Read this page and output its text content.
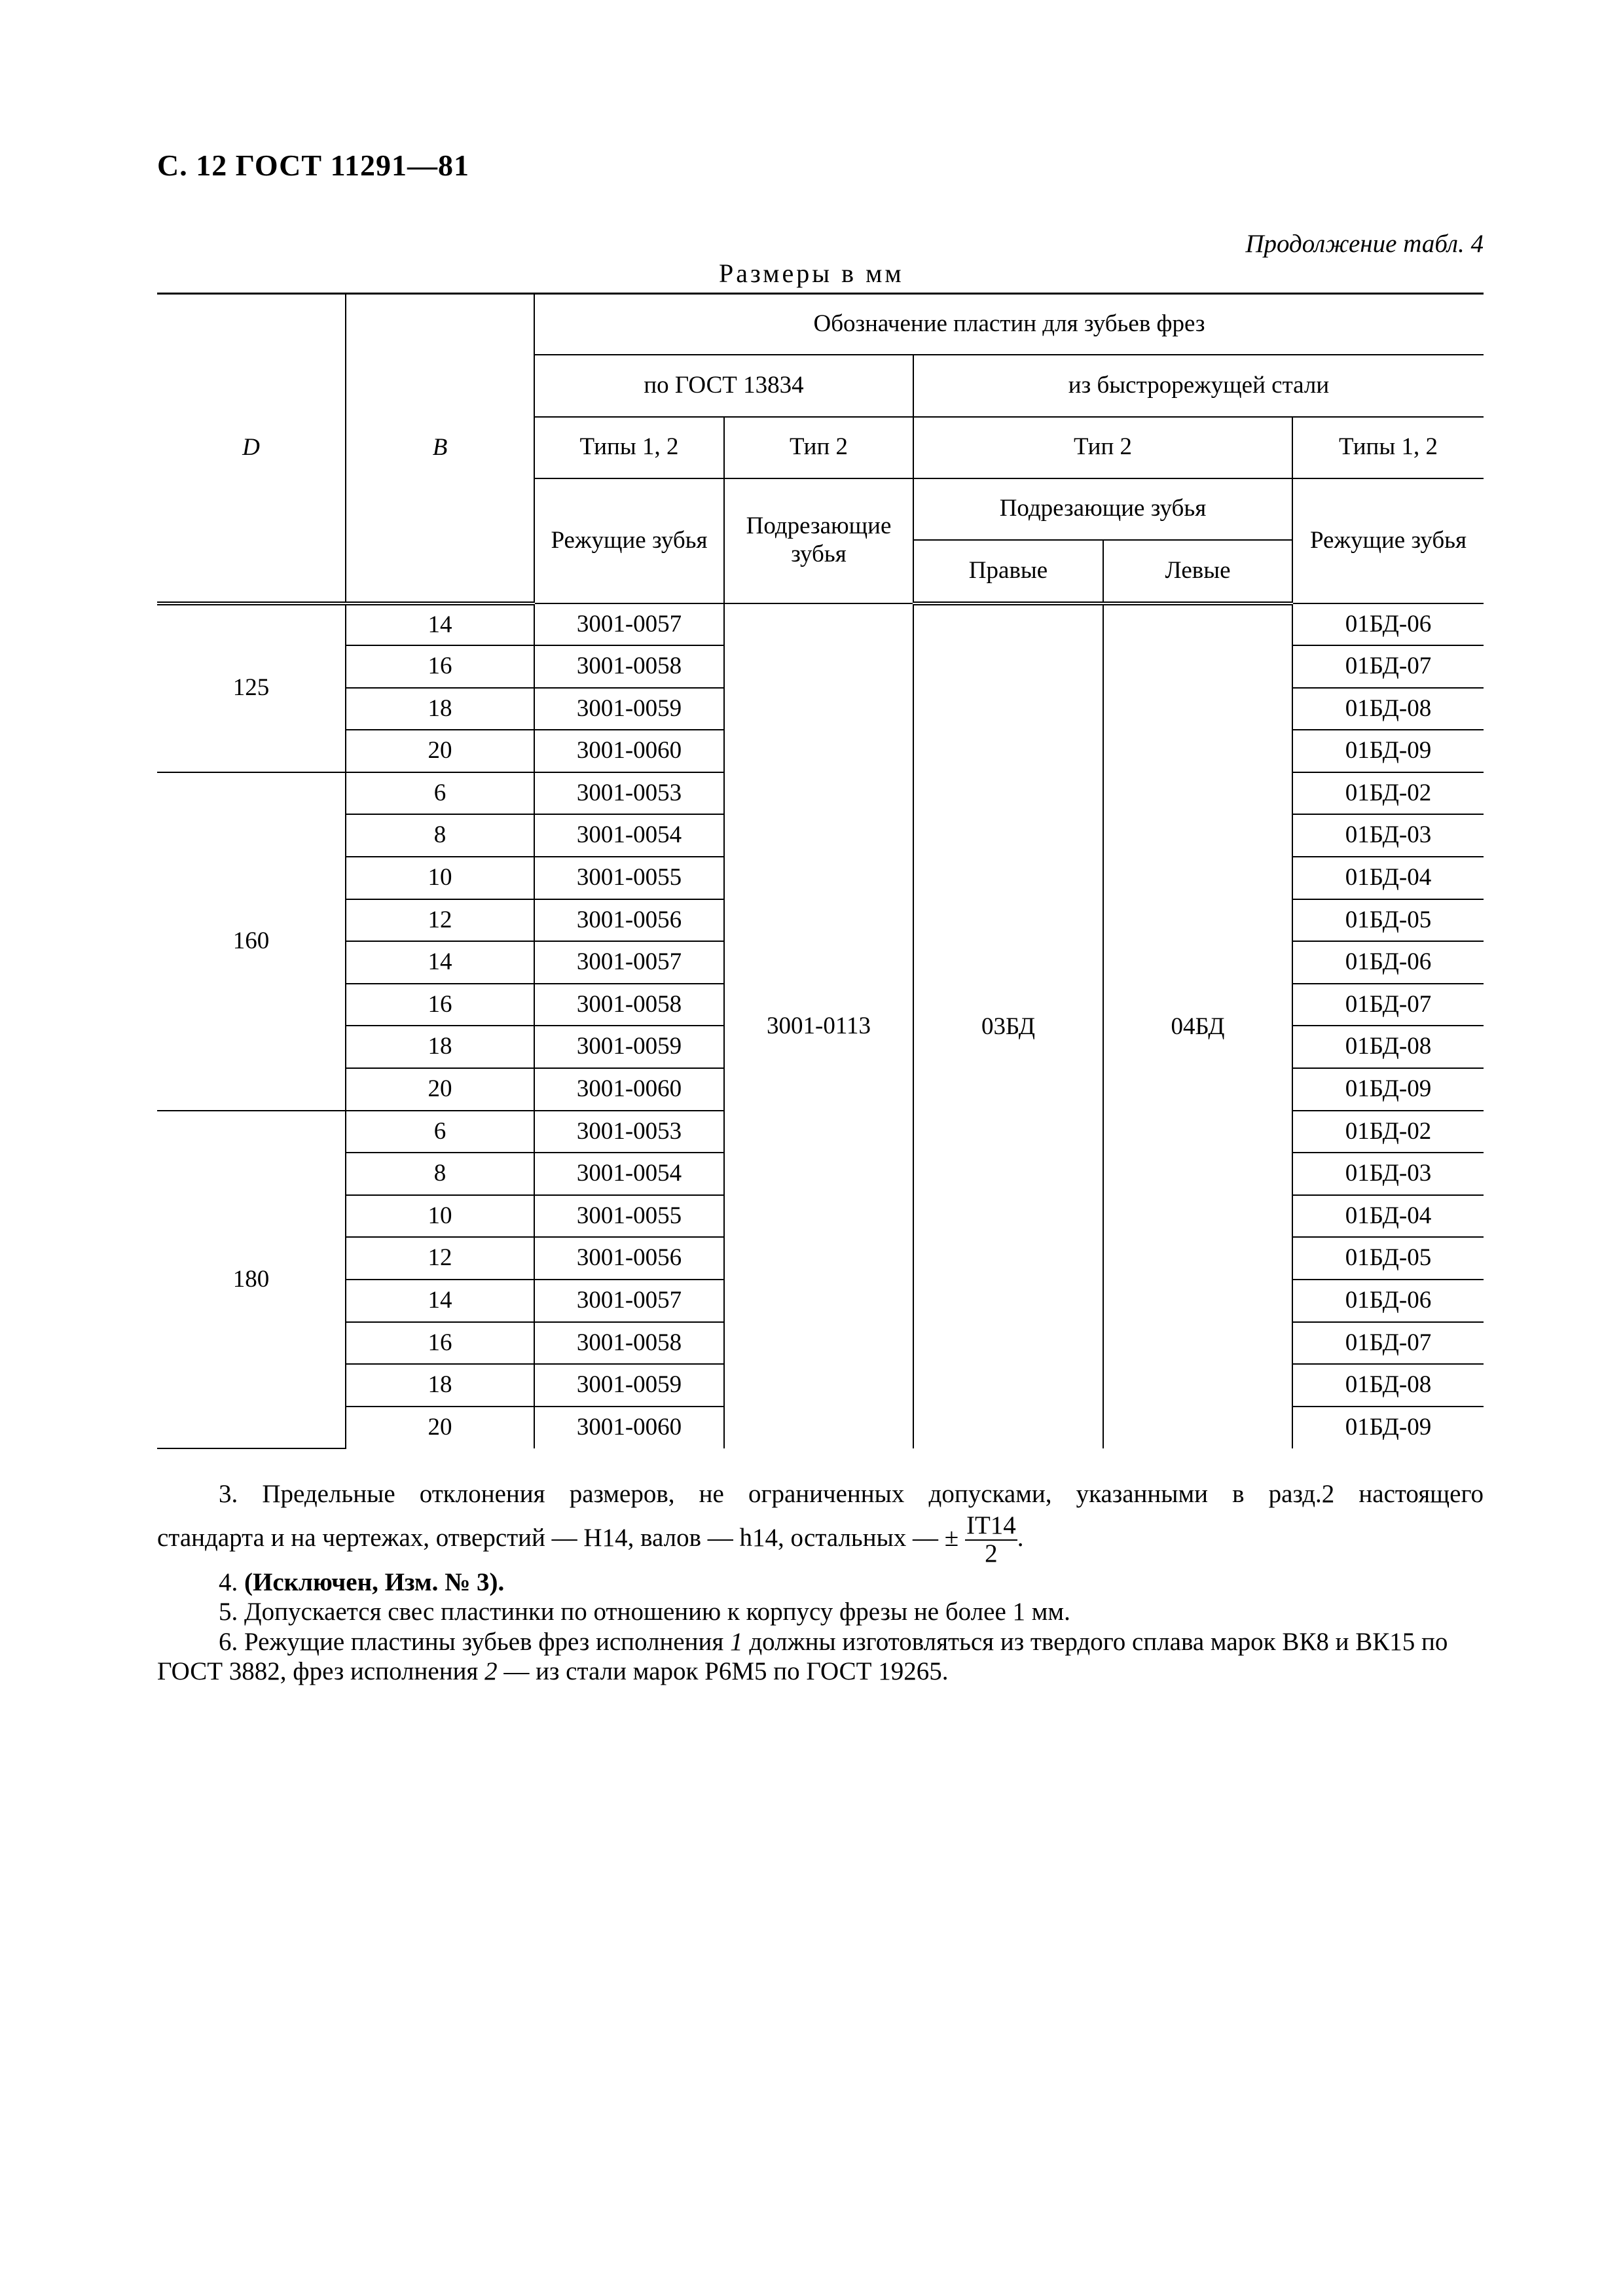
С. 12 ГОСТ 11291—81
Продолжение табл. 4
Размеры в мм
D	B	Обозначение пластин для зубьев фрез				
		по ГОСТ 13834		из быстрорежущей стали		
		Типы 1, 2	Тип 2	Тип 2		Типы 1, 2
		Режущие зубья	Подрезающие зубья	Подрезающие зубья		Режущие зубья
				Правые	Левые	
125	14	3001-0057	3001-0113	03БД	04БД	01БД-06
	16	3001-0058				01БД-07
	18	3001-0059				01БД-08
	20	3001-0060				01БД-09
160	6	3001-0053				01БД-02
	8	3001-0054				01БД-03
	10	3001-0055				01БД-04
	12	3001-0056				01БД-05
	14	3001-0057				01БД-06
	16	3001-0058				01БД-07
	18	3001-0059				01БД-08
	20	3001-0060				01БД-09
180	6	3001-0053				01БД-02
	8	3001-0054				01БД-03
	10	3001-0055				01БД-04
	12	3001-0056				01БД-05
	14	3001-0057				01БД-06
	16	3001-0058				01БД-07
	18	3001-0059				01БД-08
	20	3001-0060				01БД-09

3. Предельные отклонения размеров, не ограниченных допусками, указанными в разд.2 настоящего

стандарта и на чертежах, отверстий — H14, валов — h14, остальных — ± $\frac{IT14}{2}$ .

4. (Исключен, Изм. № 3).

5. Допускается свес пластинки по отношению к корпусу фрезы не более 1 мм.

6. Режущие пластины зубьев фрез исполнения 1 должны изготовляться из твердого сплава марок ВК8 и ВК15 по ГОСТ 3882, фрез исполнения 2 — из стали марок Р6М5 по ГОСТ 19265.
